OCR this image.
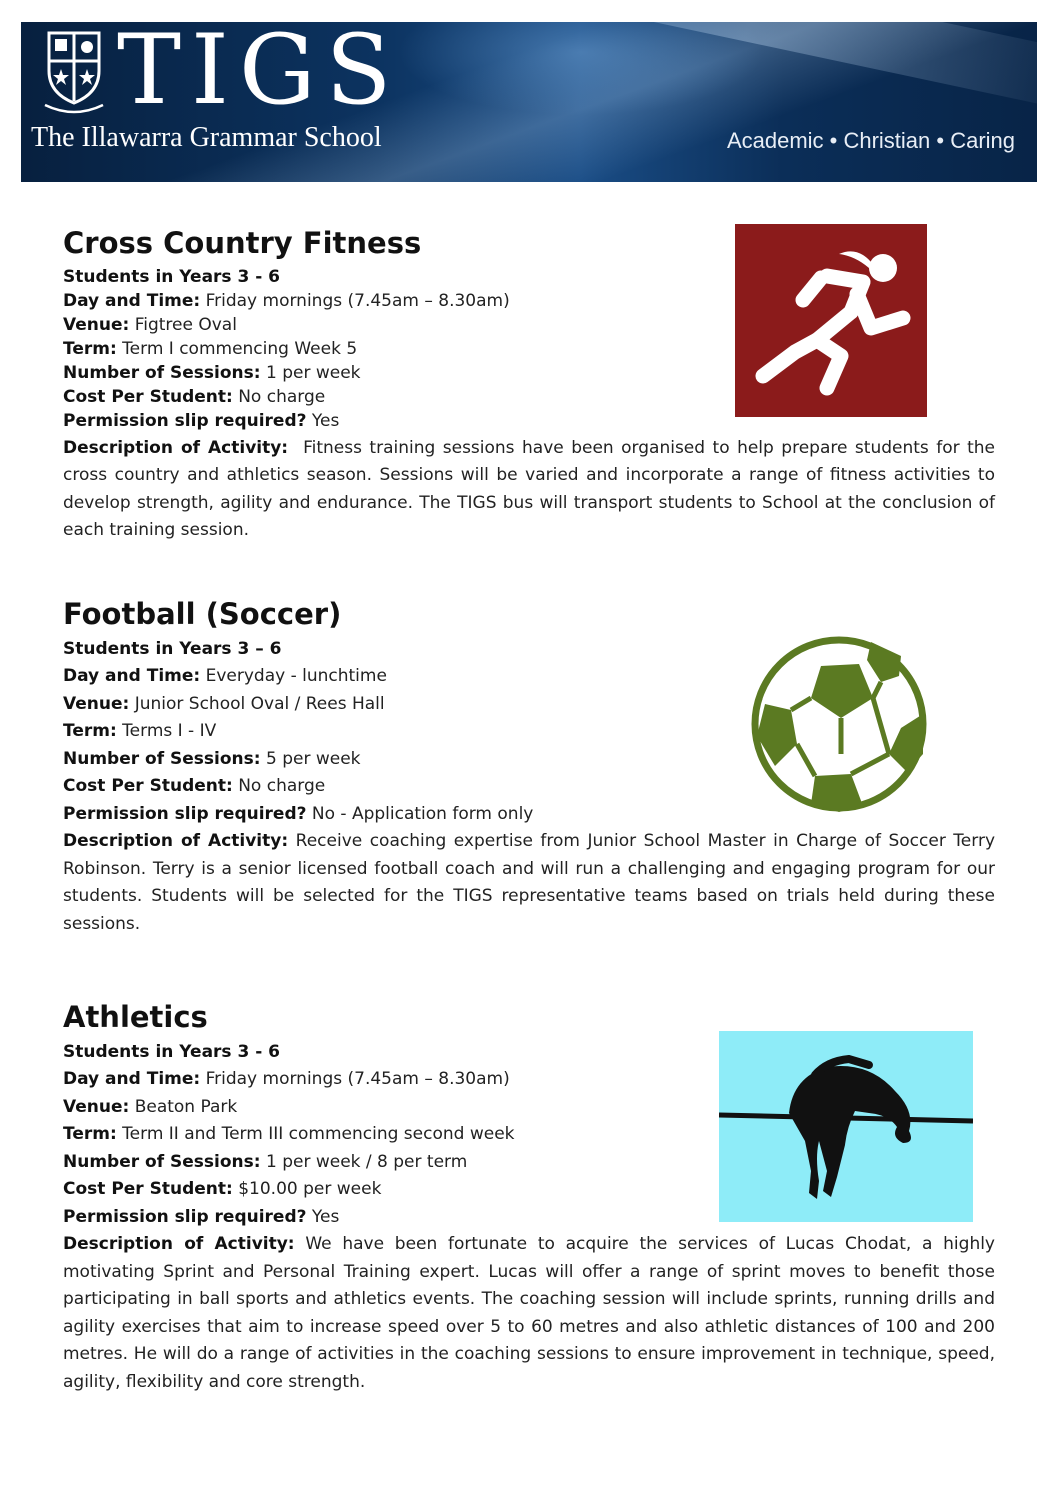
TIGS
The Illawarra Grammar School	Academic • Christian • Caring
Cross Country Fitness

Students in Years 3 - 6

Day and Time: Friday mornings (7.45am – 8.30am)

Venue: Figtree Oval

Term: Term I commencing Week 5

Number of Sessions: 1 per week

Cost Per Student: No charge

Permission slip required? Yes

Description of Activity: Fitness training sessions have been organised to help prepare students for the cross country and athletics season. Sessions will be varied and incorporate a range of fitness activities to develop strength, agility and endurance. The TIGS bus will transport students to School at the conclusion of each training session.

Football (Soccer)

Students in Years 3 – 6

Day and Time: Everyday - lunchtime

Venue: Junior School Oval / Rees Hall

Term: Terms I - IV

Number of Sessions: 5 per week

Cost Per Student: No charge

Permission slip required? No - Application form only

Description of Activity: Receive coaching expertise from Junior School Master in Charge of Soccer Terry Robinson. Terry is a senior licensed football coach and will run a challenging and engaging program for our students. Students will be selected for the TIGS representative teams based on trials held during these sessions.

Athletics

Students in Years 3 - 6

Day and Time: Friday mornings (7.45am – 8.30am)

Venue: Beaton Park

Term: Term II and Term III commencing second week

Number of Sessions: 1 per week / 8 per term

Cost Per Student: $10.00 per week

Permission slip required? Yes

Description of Activity: We have been fortunate to acquire the services of Lucas Chodat, a highly motivating Sprint and Personal Training expert. Lucas will offer a range of sprint moves to benefit those participating in ball sports and athletics events. The coaching session will include sprints, running drills and agility exercises that aim to increase speed over 5 to 60 metres and also athletic distances of 100 and 200 metres. He will do a range of activities in the coaching sessions to ensure improvement in technique, speed, agility, flexibility and core strength.
